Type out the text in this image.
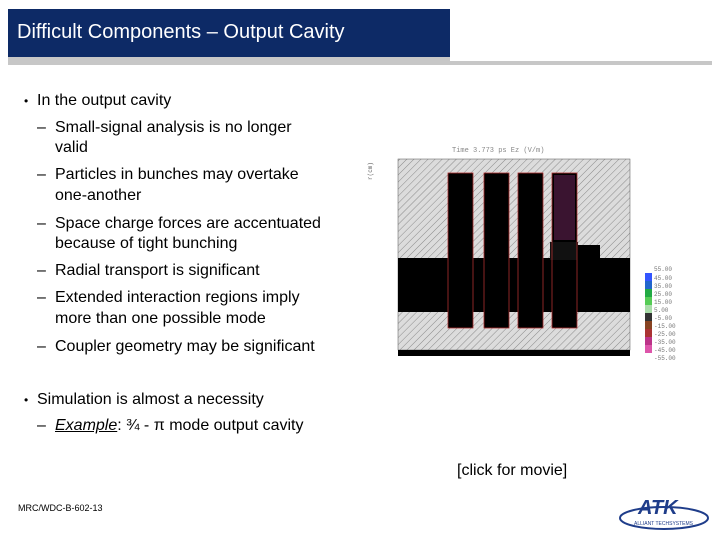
Difficult Components – Output Cavity
• In the output cavity
– Small-signal analysis is no longer
valid
– Particles in bunches may overtake
one-another
– Space charge forces are accentuated
because of tight bunching
– Radial transport is significant
– Extended interaction regions imply
more than one possible mode
– Coupler geometry may be significant
• Simulation is almost a necessity
– Example: ¾ - π mode output cavity
Time 3.773 ps Ez (V/m)
r(cm)
55.00
45.00
35.00
25.00
15.00
5.00
-5.00
-15.00
-25.00
-35.00
-45.00
-55.00
[click for movie]
MRC/WDC-B-602-13	ATK
ALLIANT TECHSYSTEMS
